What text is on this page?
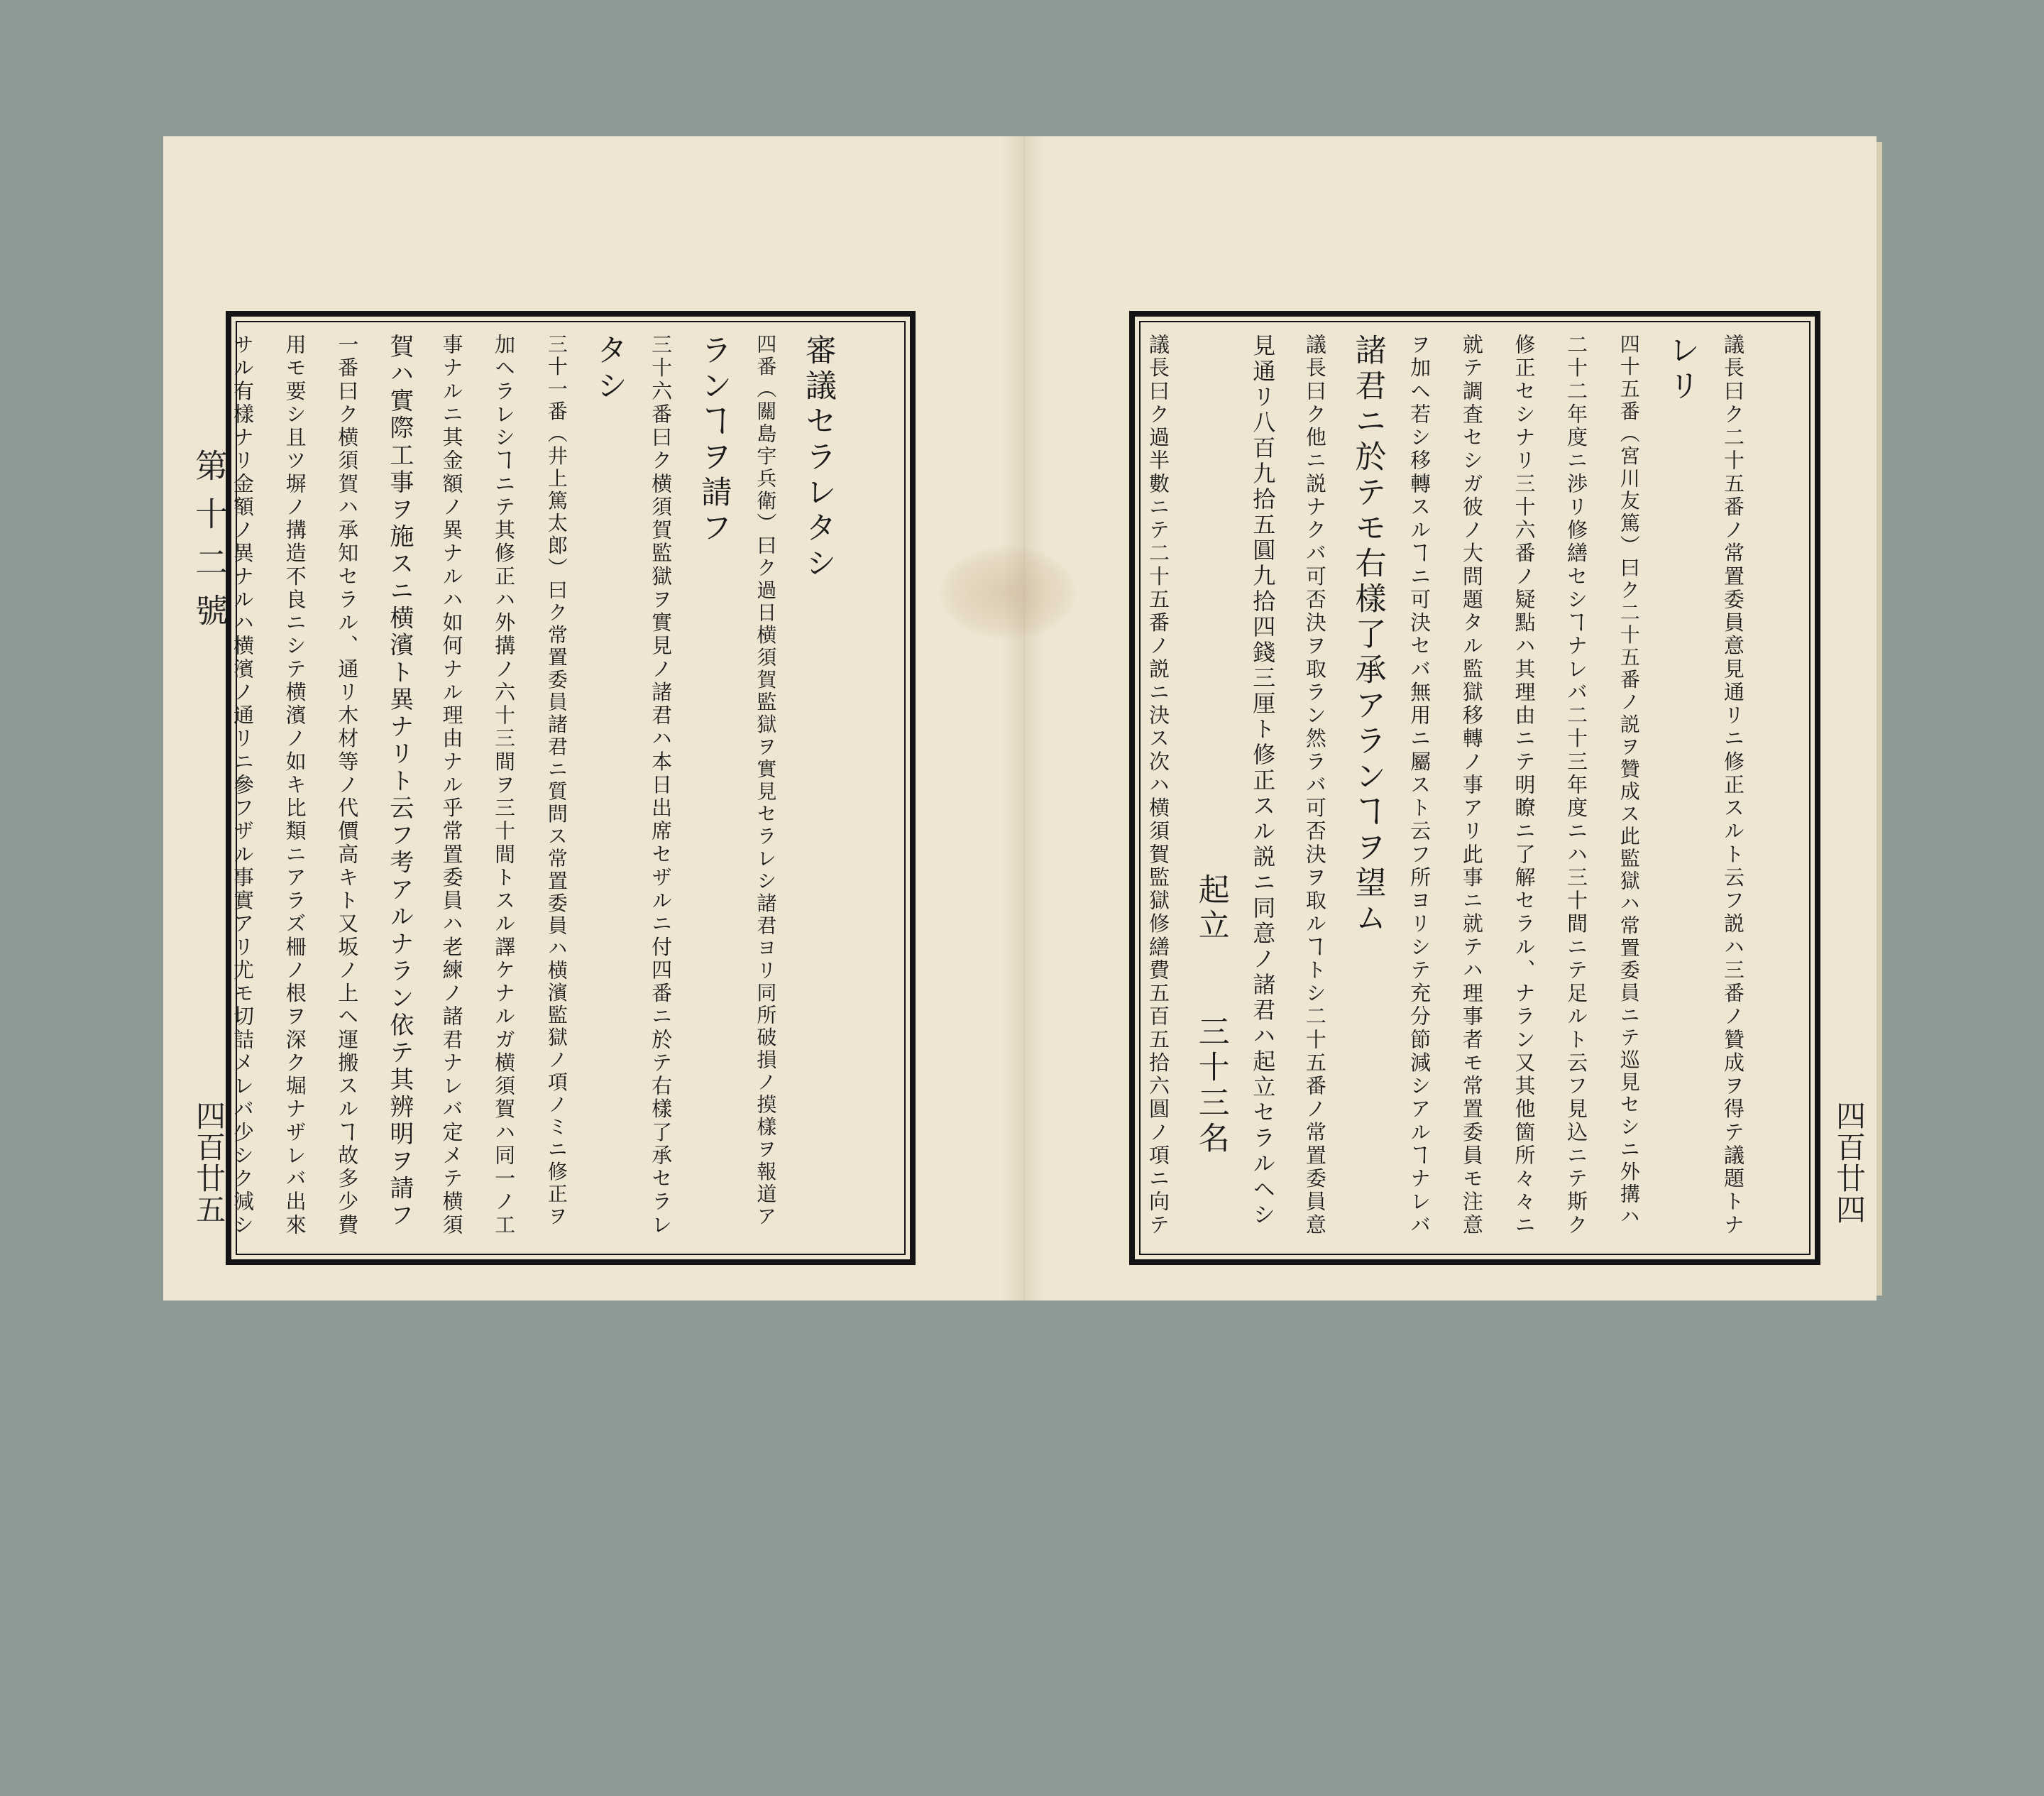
第十二號
四百廿五
審議セラレタシ
四番（關島宇兵衛）曰ク過日横須賀監獄ヲ實見セラレシ諸君ヨリ同所破損ノ摸樣ヲ報道ア
ランヿヲ請フ
三十六番曰ク横須賀監獄ヲ實見ノ諸君ハ本日出席セザルニ付四番ニ於テ右樣了承セラレ
タシ
三十一番（井上篤太郎）曰ク常置委員諸君ニ質問ス常置委員ハ横濱監獄ノ項ノミニ修正ヲ
加ヘラレシヿニテ其修正ハ外搆ノ六十三間ヲ三十間トスル譯ケナルガ横須賀ハ同一ノ工
事ナルニ其金額ノ異ナルハ如何ナル理由ナル乎常置委員ハ老練ノ諸君ナレバ定メテ横須
賀ハ實際工事ヲ施スニ横濱ト異ナリト云フ考アルナラン依テ其辨明ヲ請フ
一番曰ク横須賀ハ承知セラル、通リ木材等ノ代價高キト又坂ノ上ヘ運搬スルヿ故多少費
用モ要シ且ツ塀ノ搆造不良ニシテ横濱ノ如キ比類ニアラズ柵ノ根ヲ深ク堀ナザレバ出來
サル有樣ナリ金額ノ異ナルハ横濱ノ通リニ參フザル事實アリ尤モ切詰メレバ少シク減シ	四百廿四
議長曰ク二十五番ノ常置委員意見通リニ修正スルト云フ説ハ三番ノ贊成ヲ得テ議題トナ
レリ
四十五番（宮川友篤）曰ク二十五番ノ説ヲ贊成ス此監獄ハ常置委員ニテ巡見セシニ外搆ハ
二十二年度ニ渉リ修繕セシヿナレバ二十三年度ニハ三十間ニテ足ルト云フ見込ニテ斯ク
修正セシナリ三十六番ノ疑點ハ其理由ニテ明瞭ニ了解セラル、ナラン又其他箇所々々ニ
就テ調査セシガ彼ノ大問題タル監獄移轉ノ事アリ此事ニ就テハ理事者モ常置委員モ注意
ヲ加ヘ若シ移轉スルヿニ可決セバ無用ニ屬スト云フ所ヨリシテ充分節減シアルヿナレバ
諸君ニ於テモ右樣了承アランヿヲ望ム
議長曰ク他ニ説ナクバ可否決ヲ取ラン然ラバ可否決ヲ取ルヿトシ二十五番ノ常置委員意
見通リ八百九拾五圓九拾四錢三厘ト修正スル説ニ同意ノ諸君ハ起立セラルヘシ
起立　　三十三名
議長曰ク過半數ニテ二十五番ノ説ニ決ス次ハ横須賀監獄修繕費五百五拾六圓ノ項ニ向テ
